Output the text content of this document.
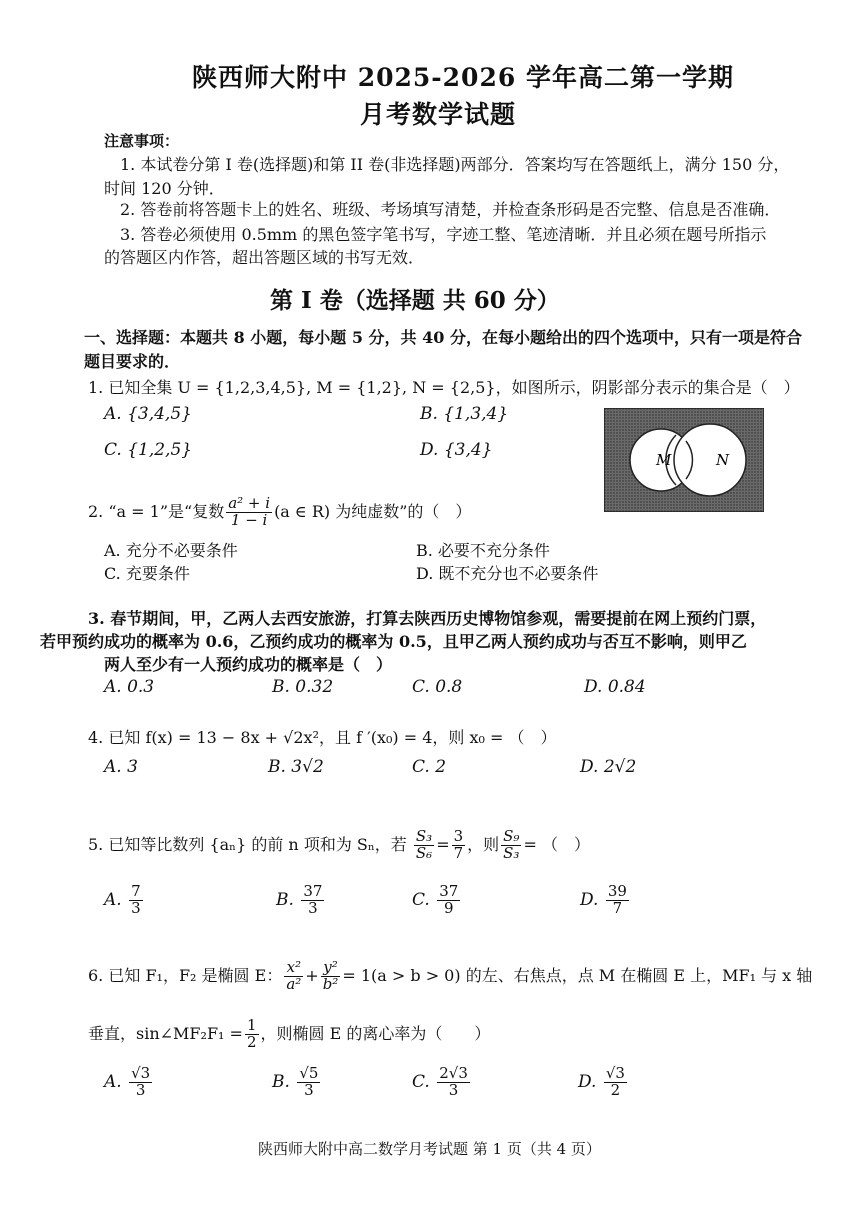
陕西师大附中 2025-2026 学年高二第一学期
月考数学试题
注意事项：
1. 本试卷分第 I 卷(选择题)和第 II 卷(非选择题)两部分．答案均写在答题纸上，满分 150 分，
时间 120 分钟．
2. 答卷前将答题卡上的姓名、班级、考场填写清楚，并检查条形码是否完整、信息是否准确．
3. 答卷必须使用 0.5mm 的黑色签字笔书写，字迹工整、笔迹清晰．并且必须在题号所指示
的答题区内作答，超出答题区域的书写无效．
第 I 卷（选择题 共 60 分）
一、选择题：本题共 8 小题，每小题 5 分，共 40 分，在每小题给出的四个选项中，只有一项是符合
题目要求的．
1. 已知全集 U = {1,2,3,4,5}, M = {1,2}, N = {2,5}，如图所示，阴影部分表示的集合是（　）
A. {3,4,5}	B. {1,3,4}
C. {1,2,5}	D. {3,4}	M	N
2. “a = 1”是“复数 $\frac{\text{a² + i}}{1 - i} (a$ ∈ R) 为纯虚数”的（　）
A. 充分不必要条件	B. 必要不充分条件
C. 充要条件	D. 既不充分也不必要条件
3. 春节期间，甲，乙两人去西安旅游，打算去陕西历史博物馆参观，需要提前在网上预约门票，
若甲预约成功的概率为 0.6，乙预约成功的概率为 0.5，且甲乙两人预约成功与否互不影响，则甲乙
两人至少有一人预约成功的概率是（　）
A. 0.3	B. 0.32	C. 0.8	D. 0.84
4. 已知 f(x) = 13 − 8x + √2x²，且 f ′(x₀) = 4，则 x₀ = （　）
A. 3	B. 3√2	C. 2	D. 2√2
5. 已知等比数列 {aₙ} 的前 n 项和为 Sₙ，若 $\frac{\text{S₃}}{\text{S₆}} = \frac{3}{7}$ ，则 $\frac{\text{S₉}}{\text{S₃}}$ = （　）
A. $\frac{7}{3}$	B. $\frac{37}{3}$	C. $\frac{37}{9}$	D. $\frac{39}{7}$
6. 已知 F₁，F₂ 是椭圆 E： $\frac{\text{x²}}{\text{a²}} + \frac{\text{y²}}{\text{b²}} = 1(a > b > 0)$ 的左、右焦点，点 M 在椭圆 E 上，MF₁ 与 x 轴
垂直，sin∠MF₂F₁ = $\frac{1}{2}$ ，则椭圆 E 的离心率为（　　）
A. $\frac{√3}{3}$	B. $\frac{√5}{3}$	C. $\frac{2√3}{3}$	D. $\frac{√3}{2}$
陕西师大附中高二数学月考试题 第 1 页（共 4 页）
